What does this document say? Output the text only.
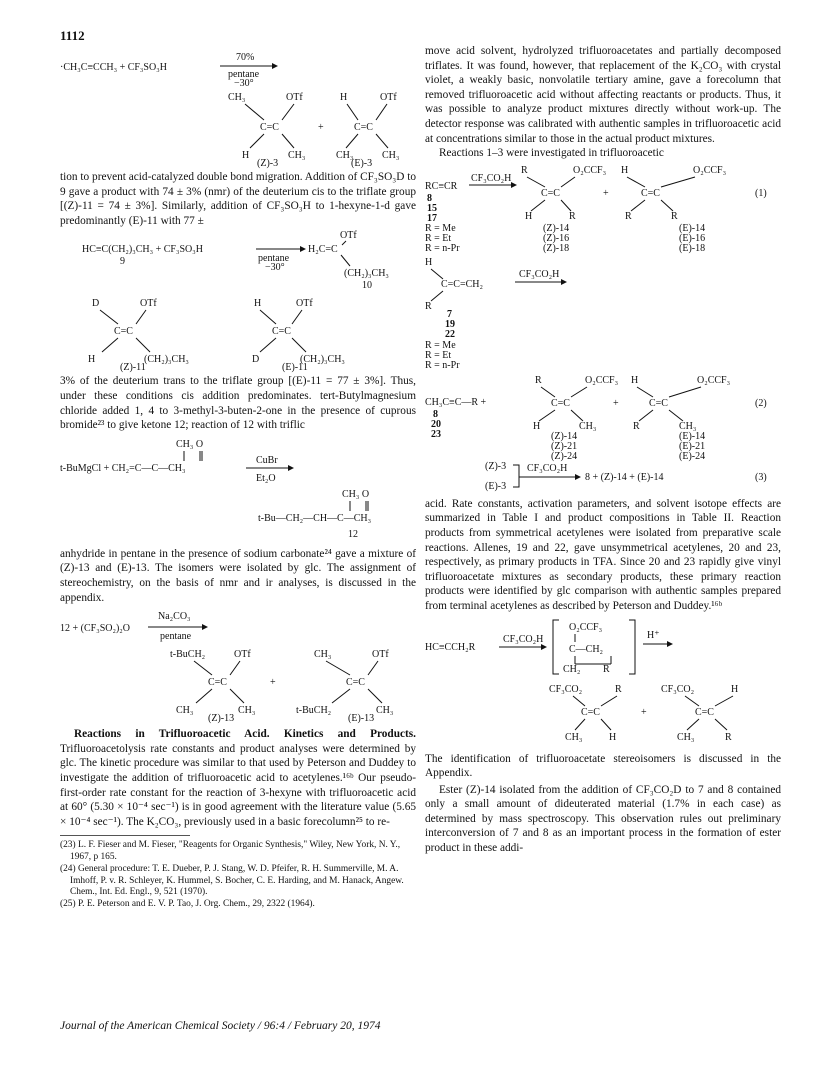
1112
·CH₃C≡CCH₃ + CF₃SO₃H
70%
pentane
−30°
CH₃	OTf
C=C
H	CH₃
(Z)-3
+
H	OTf
C=C
CH₃	CH₃
(E)-3

tion to prevent acid-catalyzed double bond migration. Addition of CF₃SO₃D to 9 gave a product with 74 ± 3% (nmr) of the deuterium cis to the triflate group [(Z)-11 = 74 ± 3%]. Similarly, addition of CF₃SO₃H to 1-hexyne-1-d gave predominantly (E)-11 with 77 ±

HC≡C(CH₂)₃CH₃ + CF₃SO₃H
9	pentane
−30°
H₂C=C
OTf
(CH₂)₃CH₃
10
D	OTf
C=C
H	(CH₂)₃CH₃
(Z)-11
H	OTf
C=C
D	(CH₂)₃CH₃
(E)-11

3% of the deuterium trans to the triflate group [(E)-11 = 77 ± 3%]. Thus, under these conditions cis addition predominates. tert-Butylmagnesium chloride added 1, 4 to 3-methyl-3-buten-2-one in the presence of cuprous bromide²³ to give ketone 12; reaction of 12 with triflic

CH₃ O
t-BuMgCl + CH₂=C—C—CH₃
CuBr
Et₂O
CH₃ O
t-Bu—CH₂—CH—C—CH₃
12

anhydride in pentane in the presence of sodium carbonate²⁴ gave a mixture of (Z)-13 and (E)-13. The isomers were isolated by glc. The assignment of stereochemistry, on the basis of nmr and ir analyses, is discussed in the appendix.

12 + (CF₃SO₂)₂O
Na₂CO₃
pentane
t-BuCH₂	OTf
C=C
CH₃	CH₃
(Z)-13
+
CH₃	OTf
C=C
t-BuCH₂	CH₃
(E)-13

Reactions in Trifluoroacetic Acid. Kinetics and Products. Trifluoroacetolysis rate constants and product analyses were determined by glc. The kinetic procedure was similar to that used by Peterson and Duddey to investigate the addition of trifluoroacetic acid to acetylenes.¹⁶ᵇ Our pseudo-first-order rate constant for the reaction of 3-hexyne with trifluoroacetic acid at 60° (5.30 × 10⁻⁴ sec⁻¹) is in good agreement with the literature value (5.65 × 10⁻⁴ sec⁻¹). The K₂CO₃, previously used in a basic forecolumn²⁵ to re-

(23) L. F. Fieser and M. Fieser, "Reagents for Organic Synthesis," Wiley, New York, N. Y., 1967, p 165.

(24) General procedure: T. E. Dueber, P. J. Stang, W. D. Pfeifer, R. H. Summerville, M. A. Imhoff, P. v. R. Schleyer, K. Hummel, S. Bocher, C. E. Harding, and M. Hanack, Angew. Chem., Int. Ed. Engl., 9, 521 (1970).

(25) P. E. Peterson and E. V. P. Tao, J. Org. Chem., 29, 2322 (1964).

move acid solvent, hydrolyzed trifluoroacetates and partially decomposed triflates. It was found, however, that replacement of the K₂CO₃ with crystal violet, a weakly basic, nonvolatile tertiary amine, gave a forecolumn that removed trifluoroacetic acid without affecting reactants or products. Thus, it was possible to analyze product mixtures directly without work-up. The detector response was calibrated with authentic samples in trifluoroacetic acid at concentrations similar to those in the actual product mixtures.

Reactions 1–3 were investigated in trifluoroacetic

R	O₂CCF₃ H	O₂CCF₃
RC≡CR
CF₃CO₂H
C=C
H	R
+	C=C
R	R
(1)
8
15
17
R = Me
R = Et
R = n-Pr
(Z)-14
(Z)-16
(Z)-18
(E)-14
(E)-16
(E)-18
H
C=C=CH₂
R
CF₃CO₂H
7
19
22
R = Me
R = Et
R = n-Pr
R	O₂CCF₃ H	O₂CCF₃
CH₃C≡C—R +	C=C
H	CH₃
+	C=C
R	CH₃
(2)
8
20
23	(Z)-14
(Z)-21
(Z)-24
(E)-14
(E)-21
(E)-24
(Z)-3
(E)-3
CF₃CO₂H
8 + (Z)-14 + (E)-14	(3)

acid. Rate constants, activation parameters, and solvent isotope effects are summarized in Table I and product compositions in Table II. Reaction products from symmetrical acetylenes were isolated from preparative scale reactions. Allenes, 19 and 22, gave unsymmetrical acetylenes, 20 and 23, respectively, as primary products in TFA. Since 20 and 23 rapidly give vinyl trifluoroacetate mixtures as secondary products, these primary reaction products were identified by glc comparison with authentic samples prepared from terminal acetylenes as described by Peterson and Duddey.¹⁶ᵇ

HC≡CCH₂R
CF₃CO₂H
O₂CCF₃
C—CH₂
CH₂ R
H⁺
CF₃CO₂	R
C=C
CH₃	H
+
CF₃CO₂	H
C=C
CH₃	R

The identification of trifluoroacetate stereoisomers is discussed in the Appendix.

Ester (Z)-14 isolated from the addition of CF₃CO₂D to 7 and 8 contained only a small amount of dideuterated material (1.7% in each case) as determined by mass spectroscopy. This observation rules out preliminary interconversion of 7 and 8 as an important process in the formation of ester product in these addi-

Journal of the American Chemical Society / 96:4 / February 20, 1974
